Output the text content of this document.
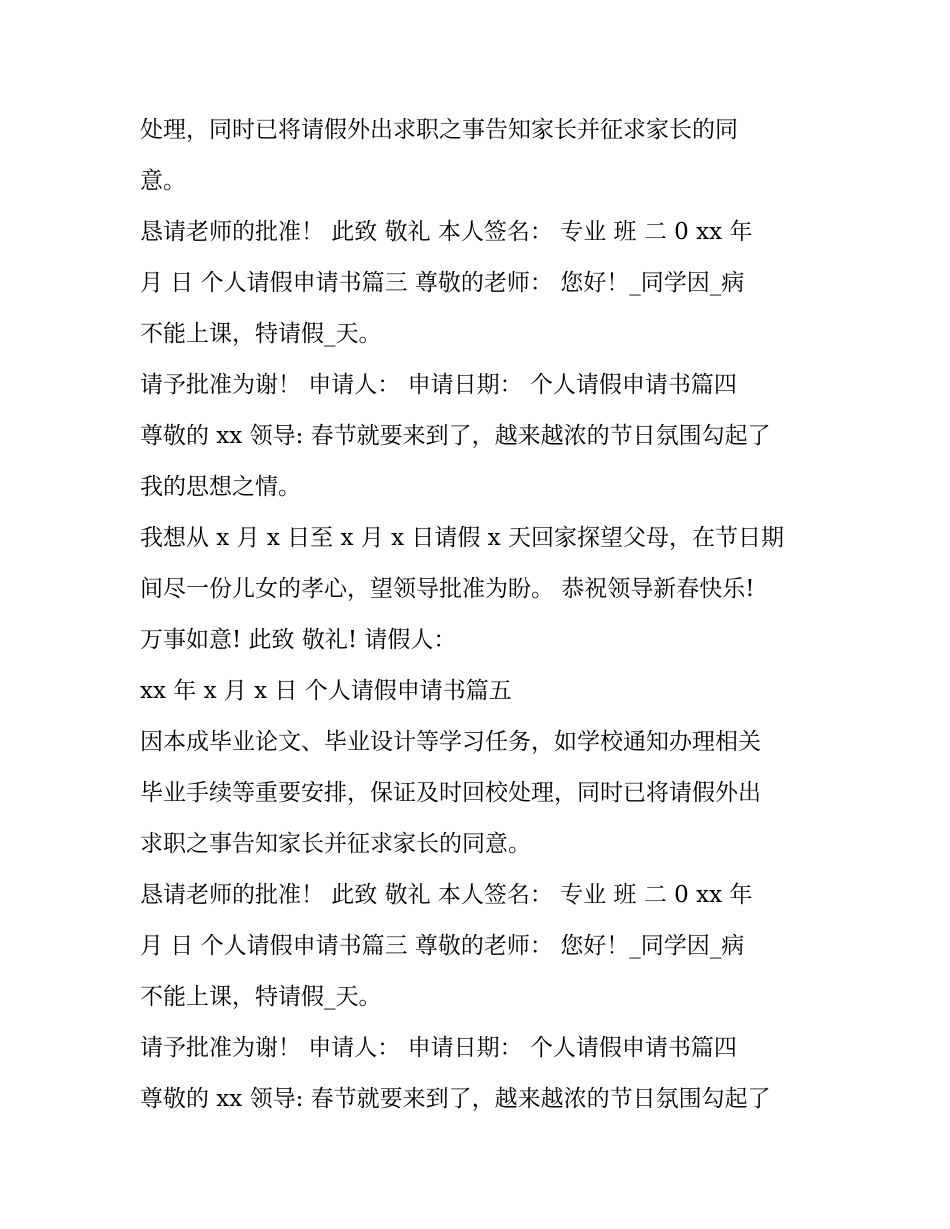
处理，同时已将请假外出求职之事告知家长并征求家长的同
意。
恳请老师的批准！ 此致 敬礼 本人签名： 专业 班 二 0 xx 年
月 日 个人请假申请书篇三 尊敬的老师： 您好！_同学因_病
不能上课，特请假_天。
请予批准为谢！ 申请人： 申请日期： 个人请假申请书篇四
尊敬的 xx 领导: 春节就要来到了，越来越浓的节日氛围勾起了
我的思想之情。
我想从 x 月 x 日至 x 月 x 日请假 x 天回家探望父母，在节日期
间尽一份儿女的孝心，望领导批准为盼。 恭祝领导新春快乐!
万事如意! 此致 敬礼! 请假人：
xx 年 x 月 x 日 个人请假申请书篇五
因本成毕业论文、毕业设计等学习任务，如学校通知办理相关
毕业手续等重要安排，保证及时回校处理，同时已将请假外出
求职之事告知家长并征求家长的同意。
恳请老师的批准！ 此致 敬礼 本人签名： 专业 班 二 0 xx 年
月 日 个人请假申请书篇三 尊敬的老师： 您好！_同学因_病
不能上课，特请假_天。
请予批准为谢！ 申请人： 申请日期： 个人请假申请书篇四
尊敬的 xx 领导: 春节就要来到了，越来越浓的节日氛围勾起了
